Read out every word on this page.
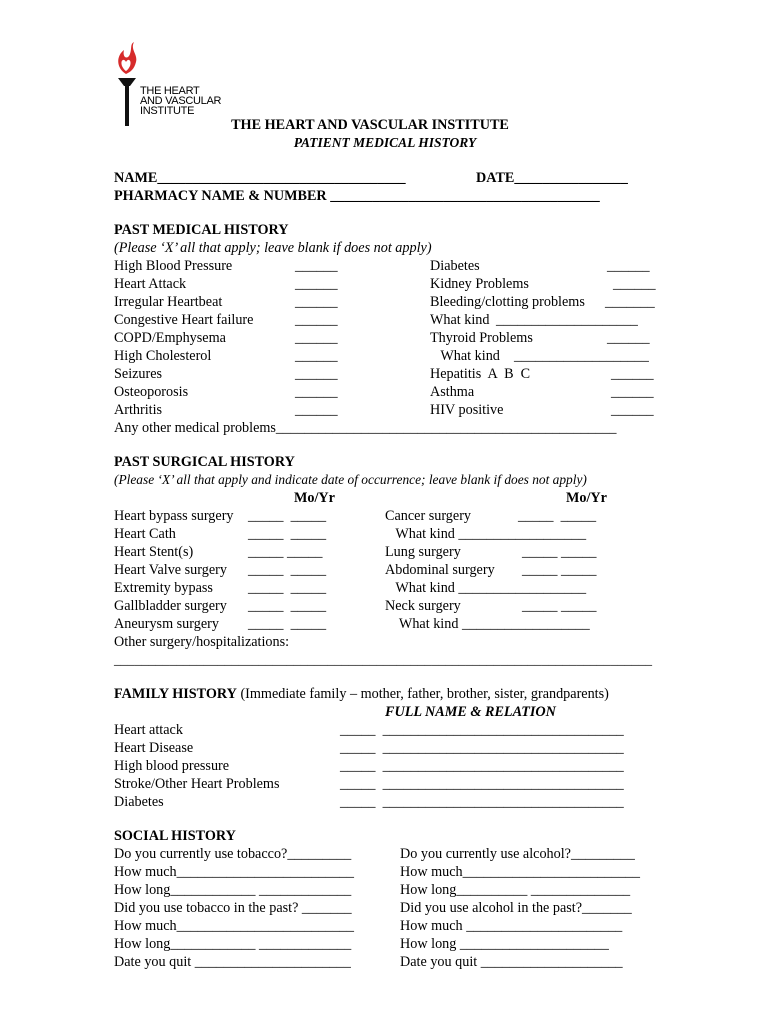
THE HEART
AND VASCULAR
INSTITUTE
THE HEART AND VASCULAR INSTITUTE
PATIENT MEDICAL HISTORY
NAME___________________________________	DATE________________
PHARMACY NAME & NUMBER ______________________________________
PAST MEDICAL HISTORY
(Please ‘X’ all that apply; leave blank if does not apply)
High Blood Pressure
Heart Attack
Irregular Heartbeat
Congestive Heart failure
COPD/Emphysema
High Cholesterol
Seizures
Osteoporosis
Arthritis
______
______
______
______
______
______
______
______
______
Diabetes
Kidney Problems
Bleeding/clotting problems
What kind
Thyroid Problems
What kind
Hepatitis  A  B  C
Asthma
HIV positive
______
______
_______
____________________
______
___________________
______
______
______
Any other medical problems________________________________________________
PAST SURGICAL HISTORY
(Please ‘X’ all that apply and indicate date of occurrence; leave blank if does not apply)
Mo/Yr	Mo/Yr
Heart bypass surgery
Heart Cath
Heart Stent(s)
Heart Valve surgery
Extremity bypass
Gallbladder surgery
Aneurysm surgery
_____  _____
_____  _____
_____ _____
_____  _____
_____  _____
_____  _____
_____  _____
Cancer surgery
What kind __________________
Lung surgery
Abdominal surgery
What kind __________________
Neck surgery
What kind __________________
_____  _____
_____ _____
_____ _____
_____ _____
Other surgery/hospitalizations:
______________________________________________________________________________
FAMILY HISTORY (Immediate family – mother, father, brother, sister, grandparents)
FULL NAME & RELATION
Heart attack
Heart Disease
High blood pressure
Stroke/Other Heart Problems
Diabetes
_____  __________________________________
_____  __________________________________
_____  __________________________________
_____  __________________________________
_____  __________________________________
SOCIAL HISTORY
Do you currently use tobacco?_________
How much_________________________
How long____________ _____________
Did you use tobacco in the past? _______
How much_________________________
How long____________ _____________
Date you quit ______________________
Do you currently use alcohol?_________
How much_________________________
How long__________ ______________
Did you use alcohol in the past?_______
How much ______________________
How long _____________________
Date you quit ____________________
